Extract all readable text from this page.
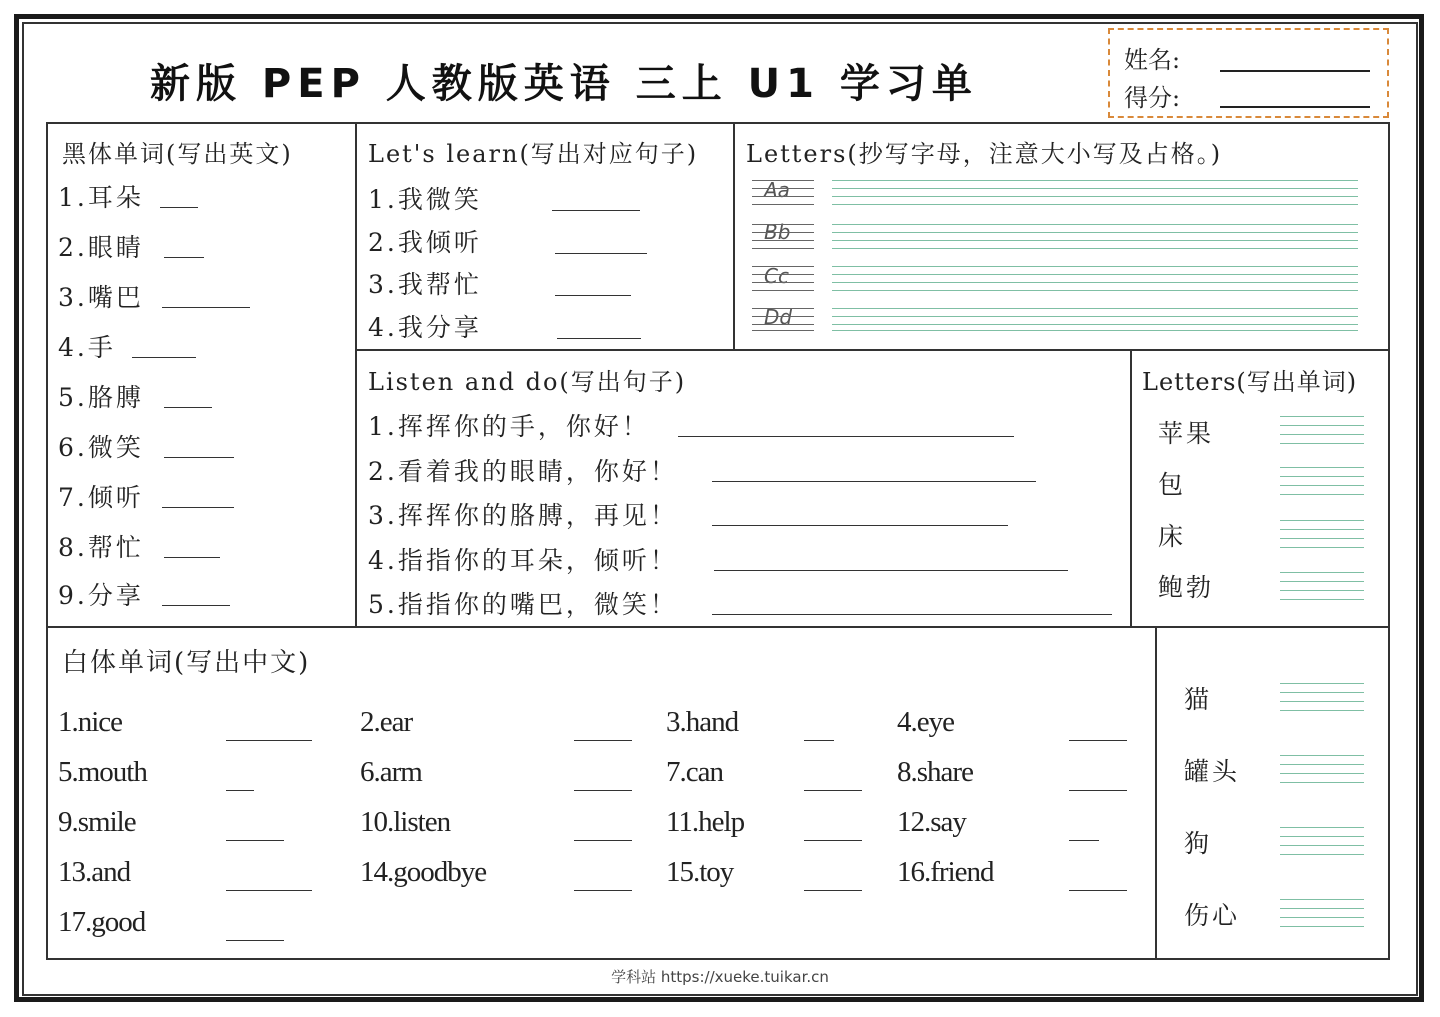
新版 PEP 人教版英语 三上 U1 学习单
姓名:
得分:
黑体单词(写出英文)
1.耳朵
2.眼睛
3.嘴巴
4.手
5.胳膊
6.微笑
7.倾听
8.帮忙
9.分享
Let's learn(写出对应句子)
1.我微笑
2.我倾听
3.我帮忙
4.我分享
Letters(抄写字母，注意大小写及占格。)
Aa
Bb
Cc
Dd
Listen and do(写出句子)
1.挥挥你的手，你好！
2.看着我的眼睛，你好！
3.挥挥你的胳膊，再见！
4.指指你的耳朵，倾听！
5.指指你的嘴巴，微笑！
Letters(写出单词)
苹果
包
床
鲍勃
白体单词(写出中文)
1.nice	2.ear	3.hand	4.eye
5.mouth	6.arm	7.can	8.share
9.smile	10.listen	11.help	12.say
13.and	14.goodbye	15.toy	16.friend
17.good
猫
罐头
狗
伤心
学科站 https://xueke.tuikar.cn
